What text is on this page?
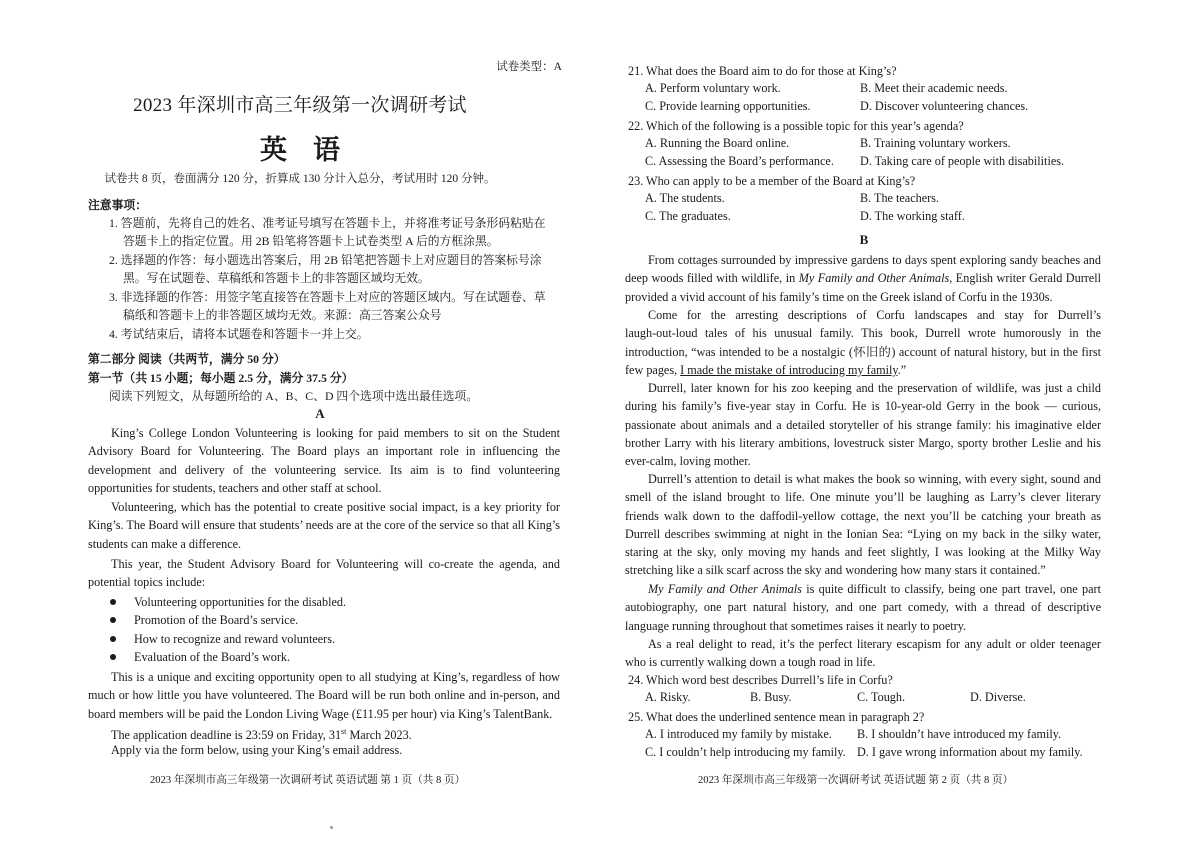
试卷类型：A
2023 年深圳市高三年级第一次调研考试
英语
试卷共 8 页，卷面满分 120 分，折算成 130 分计入总分，考试用时 120 分钟。
注意事项：
1. 答题前，先将自己的姓名、准考证号填写在答题卡上，并将准考证号条形码粘贴在
答题卡上的指定位置。用 2B 铅笔将答题卡上试卷类型 A 后的方框涂黑。
2. 选择题的作答：每小题选出答案后，用 2B 铅笔把答题卡上对应题目的答案标号涂
黑。写在试题卷、草稿纸和答题卡上的非答题区域均无效。
3. 非选择题的作答：用签字笔直接答在答题卡上对应的答题区域内。写在试题卷、草
稿纸和答题卡上的非答题区域均无效。来源：高三答案公众号
4. 考试结束后，请将本试题卷和答题卡一并上交。
第二部分 阅读（共两节，满分 50 分）
第一节（共 15 小题；每小题 2.5 分，满分 37.5 分）
阅读下列短文，从每题所给的 A、B、C、D 四个选项中选出最佳选项。
A
King’s College London Volunteering is looking for paid members to sit on the Student
Advisory Board for Volunteering. The Board plays an important role in influencing the
development and delivery of the volunteering service. Its aim is to find volunteering
opportunities for students, teachers and other staff at school.
Volunteering, which has the potential to create positive social impact, is a key priority for
King’s. The Board will ensure that students’ needs are at the core of the service so that all King’s
students can make a difference.
This year, the Student Advisory Board for Volunteering will co-create the agenda, and
potential topics include:
Volunteering opportunities for the disabled.
Promotion of the Board’s service.
How to recognize and reward volunteers.
Evaluation of the Board’s work.
This is a unique and exciting opportunity open to all studying at King’s, regardless of how
much or how little you have volunteered. The Board will be run both online and in-person, and
board members will be paid the London Living Wage (£11.95 per hour) via King’s TalentBank.
The application deadline is 23:59 on Friday, 31st March 2023.
Apply via the form below, using your King’s email address.
2023 年深圳市高三年级第一次调研考试 英语试题 第 1 页（共 8 页）
21. What does the Board aim to do for those at King’s?
A. Perform voluntary work.	B. Meet their academic needs.
C. Provide learning opportunities.	D. Discover volunteering chances.
22. Which of the following is a possible topic for this year’s agenda?
A. Running the Board online.	B. Training voluntary workers.
C. Assessing the Board’s performance. D. Taking care of people with disabilities.
23. Who can apply to be a member of the Board at King’s?
A. The students.	B. The teachers.
C. The graduates.	D. The working staff.
B
From cottages surrounded by impressive gardens to days spent exploring sandy beaches and
deep woods filled with wildlife, in My Family and Other Animals, English writer Gerald Durrell
provided a vivid account of his family’s time on the Greek island of Corfu in the 1930s.
Come for the arresting descriptions of Corfu landscapes and stay for Durrell’s
laugh-out-loud tales of his unusual family. This book, Durrell wrote humorously in the
introduction, “was intended to be a nostalgic (怀旧的) account of natural history, but in the first
few pages, I made the mistake of introducing my family.”
Durrell, later known for his zoo keeping and the preservation of wildlife, was just a child
during his family’s five-year stay in Corfu. He is 10-year-old Gerry in the book — curious,
passionate about animals and a detailed storyteller of his strange family: his imaginative elder
brother Larry with his literary ambitions, lovestruck sister Margo, sporty brother Leslie and his
ever-calm, loving mother.
Durrell’s attention to detail is what makes the book so winning, with every sight, sound and
smell of the island brought to life. One minute you’ll be laughing as Larry’s clever literary
friends walk down to the daffodil-yellow cottage, the next you’ll be catching your breath as
Durrell describes swimming at night in the Ionian Sea: “Lying on my back in the silky water,
staring at the sky, only moving my hands and feet slightly, I was looking at the Milky Way
stretching like a silk scarf across the sky and wondering how many stars it contained.”
My Family and Other Animals is quite difficult to classify, being one part travel, one part
autobiography, one part natural history, and one part comedy, with a thread of descriptive
language running throughout that sometimes raises it nearly to poetry.
As a real delight to read, it’s the perfect literary escapism for any adult or older teenager
who is currently walking down a tough road in life.
24. Which word best describes Durrell’s life in Corfu?
A. Risky.	B. Busy.	C. Tough.	D. Diverse.
25. What does the underlined sentence mean in paragraph 2?
A. I introduced my family by mistake. B. I shouldn’t have introduced my family.
C. I couldn’t help introducing my family. D. I gave wrong information about my family.
2023 年深圳市高三年级第一次调研考试 英语试题 第 2 页（共 8 页）
